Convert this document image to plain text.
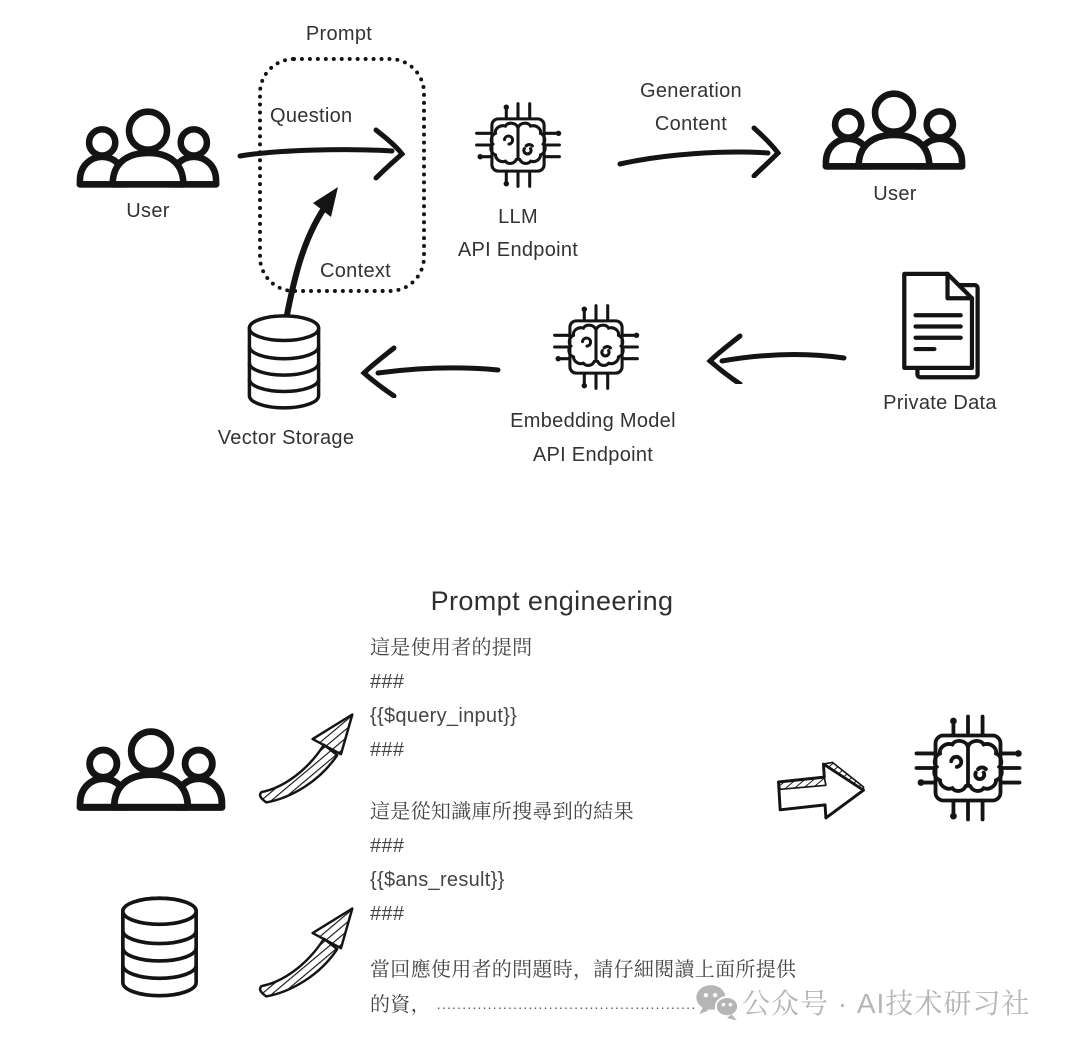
User
Prompt
Question
Context
LLM
API Endpoint
Generation
Content
User
Private Data
Embedding Model
API Endpoint
Vector Storage
Prompt engineering
這是使用者的提問
###
{{$query_input}}
###
這是從知識庫所搜尋到的結果
###
{{$ans_result}}
###
當回應使用者的問題時，請仔細閱讀上面所提供
的資， ...................................................	公众号 · AI技术研习社
